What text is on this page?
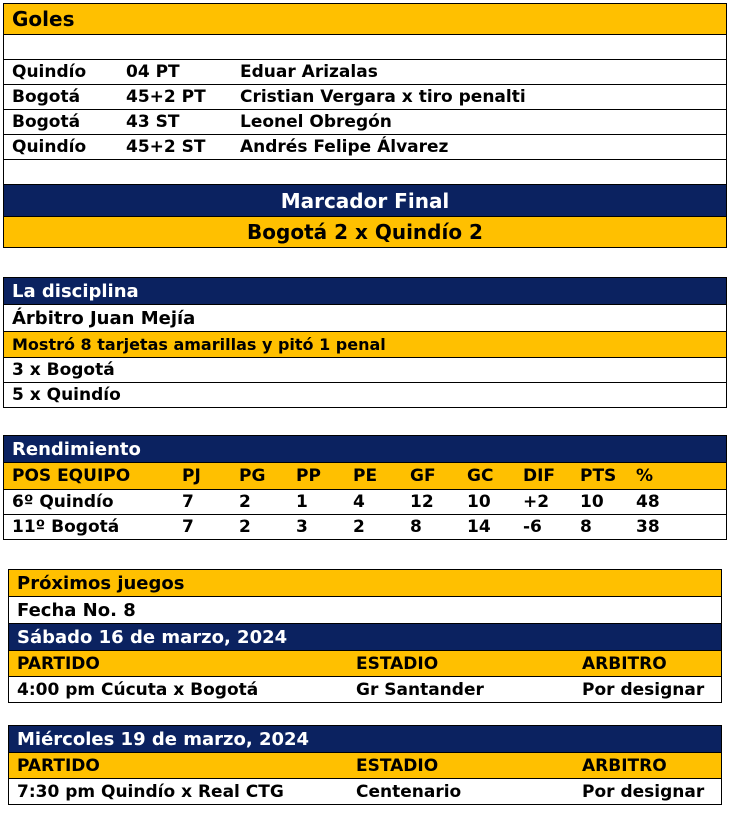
Goles
Quindío	04 PT	Eduar Arizalas
Bogotá	45+2 PT	Cristian Vergara x tiro penalti
Bogotá	43 ST	Leonel Obregón
Quindío	45+2 ST	Andrés Felipe Álvarez
Marcador Final
Bogotá 2 x Quindío 2
La disciplina
Árbitro Juan Mejía
Mostró 8 tarjetas amarillas y pitó 1 penal
3 x Bogotá
5 x Quindío
Rendimiento
POS EQUIPO	PJ	PG	PP	PE	GF	GC	DIF	PTS	%
6º Quindío	7	2	1	4	12	10	+2	10	48
11º Bogotá	7	2	3	2	8	14	-6	8	38
Próximos juegos
Fecha No. 8
Sábado 16 de marzo, 2024
PARTIDO	ESTADIO	ARBITRO
4:00 pm Cúcuta x Bogotá	Gr Santander	Por designar
Miércoles 19 de marzo, 2024
PARTIDO	ESTADIO	ARBITRO
7:30 pm Quindío x Real CTG	Centenario	Por designar
